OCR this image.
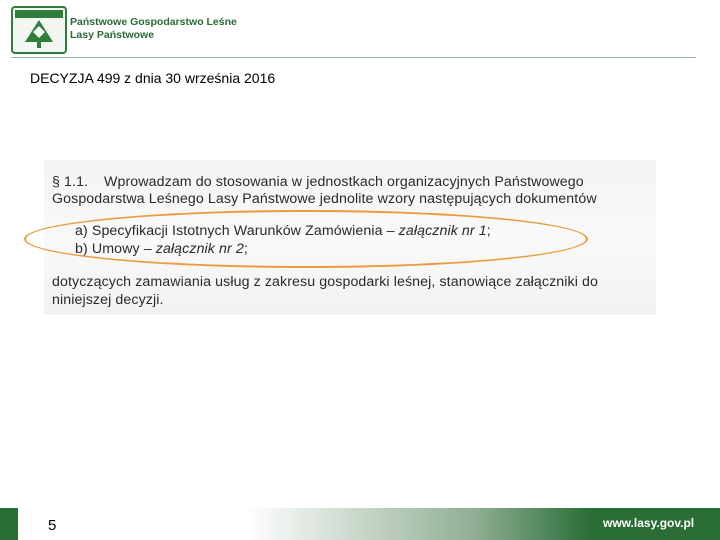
Państwowe Gospodarstwo Leśne
Lasy Państwowe
DECYZJA 499 z dnia 30 września 2016
§ 1.1. Wprowadzam do stosowania w jednostkach organizacyjnych Państwowego
Gospodarstwa Leśnego Lasy Państwowe jednolite wzory następujących dokumentów
a) Specyfikacji Istotnych Warunków Zamówienia – załącznik nr 1;
b) Umowy – załącznik nr 2;
dotyczących zamawiania usług z zakresu gospodarki leśnej, stanowiące załączniki do
niniejszej decyzji.
5	www.lasy.gov.pl
